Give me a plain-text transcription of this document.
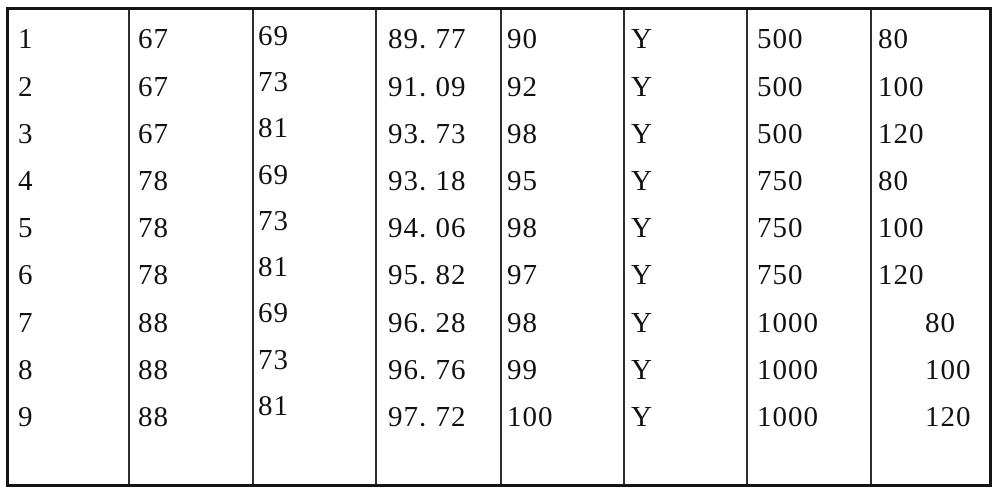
1
2
3
4
5
6
7
8
9
67
67
67
78
78
78
88
88
88
69
73
81
69
73
81
69
73
81
89. 77
91. 09
93. 73
93. 18
94. 06
95. 82
96. 28
96. 76
97. 72
90
92
98
95
98
97
98
99
100
Y
Y
Y
Y
Y
Y
Y
Y
Y
500
500
500
750
750
750
1000
1000
1000
80
100
120
80
100
120
80
100
120
